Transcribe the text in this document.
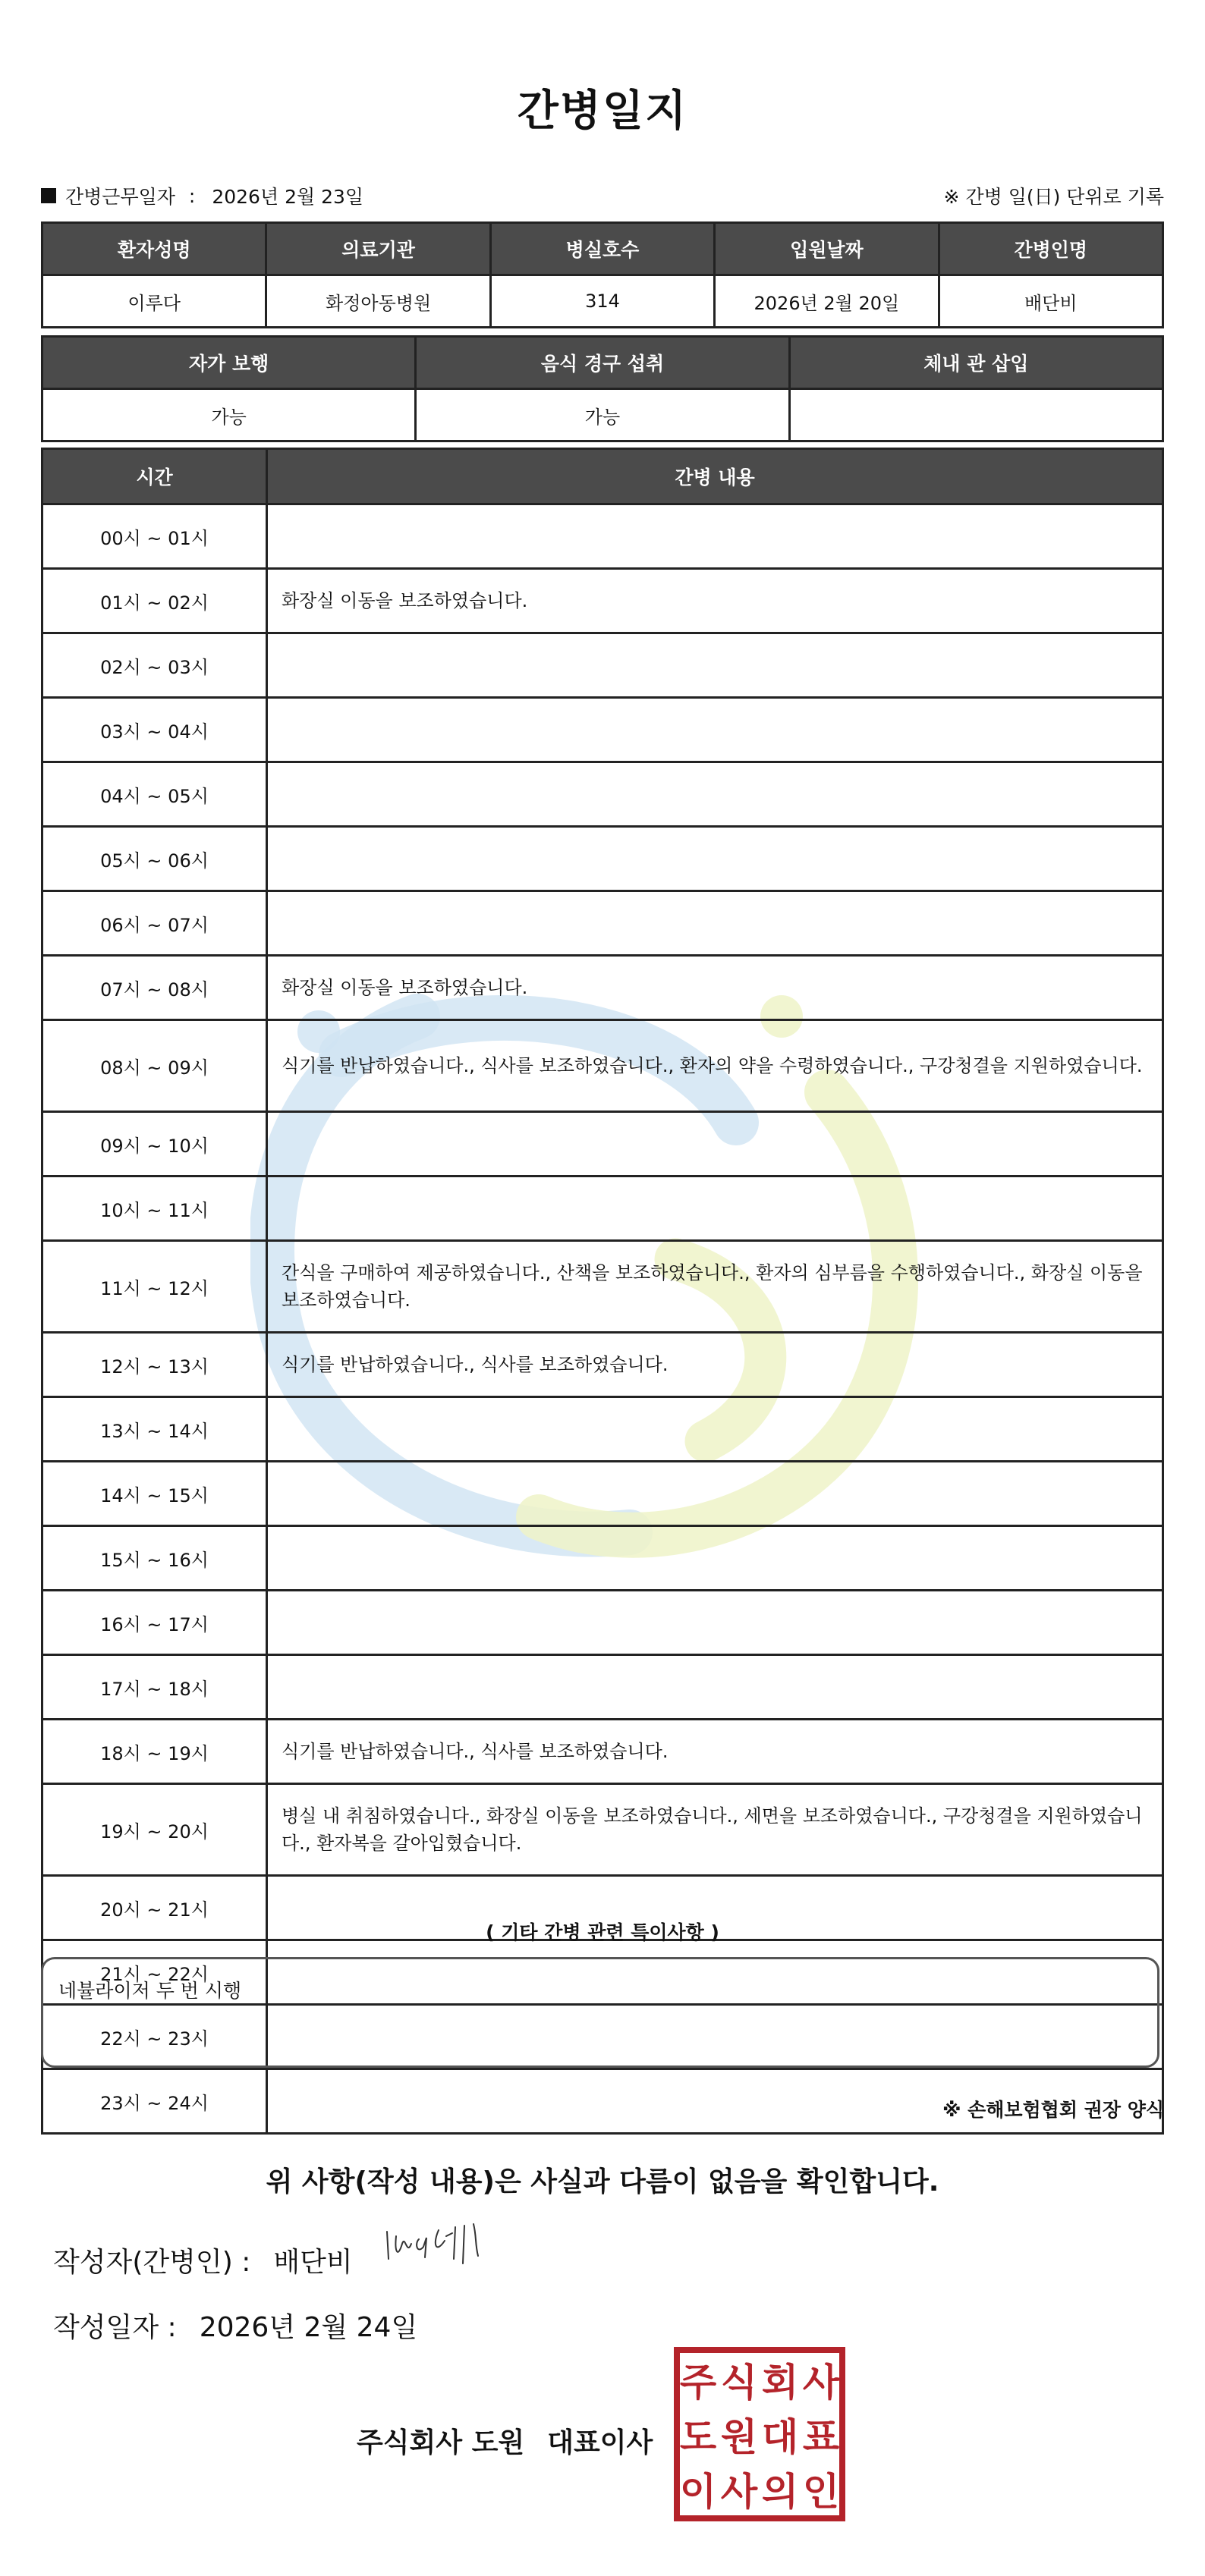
간병일지
간병근무일자 : 2026년 2월 23일	※ 간병 일(日) 단위로 기록
환자성명	의료기관	병실호수	입원날짜	간병인명
이루다	화정아동병원	314	2026년 2월 20일	배단비
자가 보행	음식 경구 섭취	체내 관 삽입
가능	가능	
시간	간병 내용
00시 ~ 01시	
01시 ~ 02시	화장실 이동을 보조하였습니다.
02시 ~ 03시	
03시 ~ 04시	
04시 ~ 05시	
05시 ~ 06시	
06시 ~ 07시	
07시 ~ 08시	화장실 이동을 보조하였습니다.
08시 ~ 09시	식기를 반납하였습니다., 식사를 보조하였습니다., 환자의 약을 수령하였습니다., 구강청결을 지원하였습니다.
09시 ~ 10시	
10시 ~ 11시	
11시 ~ 12시	간식을 구매하여 제공하였습니다., 산책을 보조하였습니다., 환자의 심부름을 수행하였습니다., 화장실 이동을 보조하였습니다.
12시 ~ 13시	식기를 반납하였습니다., 식사를 보조하였습니다.
13시 ~ 14시	
14시 ~ 15시	
15시 ~ 16시	
16시 ~ 17시	
17시 ~ 18시	
18시 ~ 19시	식기를 반납하였습니다., 식사를 보조하였습니다.
19시 ~ 20시	병실 내 취침하였습니다., 화장실 이동을 보조하였습니다., 세면을 보조하였습니다., 구강청결을 지원하였습니다., 환자복을 갈아입혔습니다.
20시 ~ 21시	
21시 ~ 22시	
22시 ~ 23시	
23시 ~ 24시	
( 기타 간병 관련 특이사항 )
네뷸라이저 두 번 시행
※ 손해보험협회 권장 양식
위 사항(작성 내용)은 사실과 다름이 없음을 확인합니다.
작성자(간병인) : 배단비
작성일자 : 2026년 2월 24일
주식회사 도원 대표이사
주 식 회 사
도 원 대 표
이 사 의 인
